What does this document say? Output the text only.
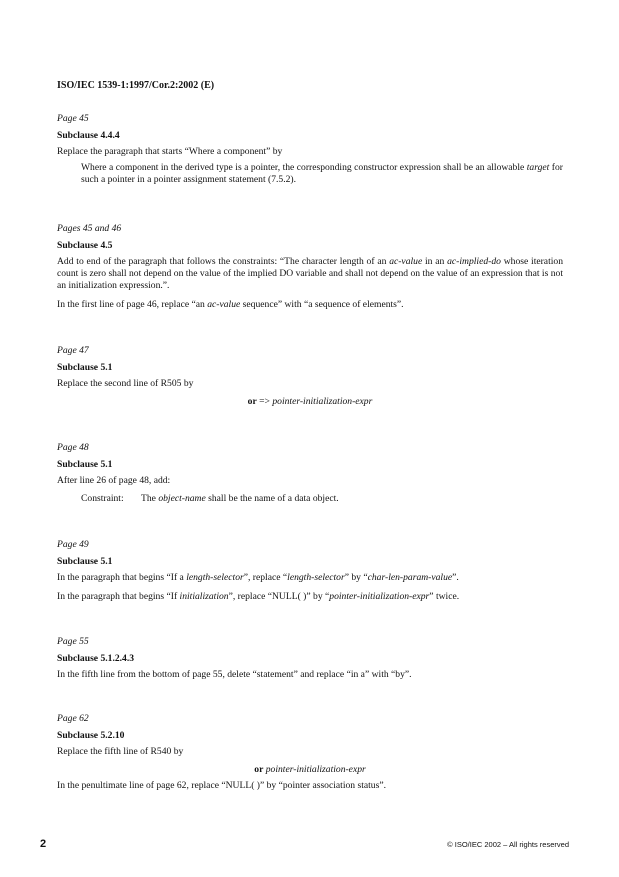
ISO/IEC 1539-1:1997/Cor.2:2002 (E)
Page 45
Subclause 4.4.4
Replace the paragraph that starts “Where a component” by
Where a component in the derived type is a pointer, the corresponding constructor expression shall be an allowable target for such a pointer in a pointer assignment statement (7.5.2).
Pages 45 and 46
Subclause 4.5
Add to end of the paragraph that follows the constraints: “The character length of an ac-value in an ac-implied-do whose iteration count is zero shall not depend on the value of the implied DO variable and shall not depend on the value of an expression that is not an initialization expression.”.
In the first line of page 46, replace “an ac-value sequence” with “a sequence of elements”.
Page 47
Subclause 5.1
Replace the second line of R505 by
or => pointer-initialization-expr
Page 48
Subclause 5.1
After line 26 of page 48, add:
Constraint: The object-name shall be the name of a data object.
Page 49
Subclause 5.1
In the paragraph that begins “If a length-selector”, replace “length-selector” by “char-len-param-value”.
In the paragraph that begins “If initialization”, replace “NULL( )” by “pointer-initialization-expr” twice.
Page 55
Subclause 5.1.2.4.3
In the fifth line from the bottom of page 55, delete “statement” and replace “in a” with “by”.
Page 62
Subclause 5.2.10
Replace the fifth line of R540 by
or pointer-initialization-expr
In the penultimate line of page 62, replace “NULL( )” by “pointer association status”.
2	© ISO/IEC 2002 – All rights reserved
